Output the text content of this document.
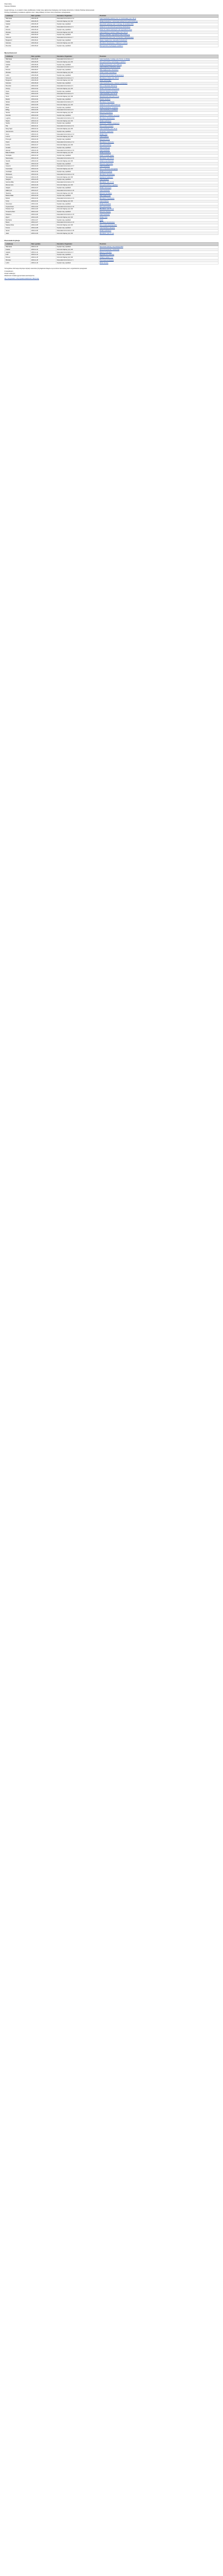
Dzień dobry,

Szanowni Państwo

Zespół informuje, że w ostatnim czasie opublikowane zostały nowe ogłoszenia przetargowe oraz licytacje komornicze z obszaru Państwa zainteresowań.

Poniżej przedstawiamy zestawienie ogłoszeń wraz z datą publikacji, terminem oraz przedmiotem postępowania.

Lokalizacja	Data / godzina	Kancelaria / Organizator	Przedmiot
Warszawa	2023-09-15	Kancelaria Komornicza nr 12	Lokal mieszkalny położony przy ul. Grochowskiej, pow. 48 m2
Kraków	2023-09-15	Komornik Sądowy przy SR	Działka budowlana z rozpoczętą budową domu jednorodzinnego
Gdańsk	2023-09-18	Syndyk masy upadłości	Samochód ciężarowy wraz z naczepą, rok produkcji 2016
Łódź	2023-09-18	Kancelaria Komornicza nr 4	Udział 1/2 w nieruchomości gruntowej zabudowanej
Poznań	2023-09-19	Syndyk masy upadłości	Prawa do znaków towarowych oraz wyposażenie biura
Wrocław	2023-09-20	Komornik Sądowy przy SR	Lokal użytkowy w centrum miasta, pow. 112 m2
Lublin	2023-09-20	Syndyk masy upadłości	Maszyny stolarskie i wyposażenie hali produkcyjnej
Szczecin	2023-09-21	Kancelaria Komornicza nr 7	Nieruchomość rolna o pow. 3,2 ha wraz z zabudowaniami
Bydgoszcz	2023-09-21	Syndyk masy upadłości	Zapasy magazynowe materiałów budowlanych
Katowice	2023-09-22	Komornik Sądowy przy SR	Mieszkanie dwupokojowe z balkonem i piwnicą
Rzeszów	2023-09-22	Syndyk masy upadłości	Wierzytelności przysługujące upadłemu
Nieruchomości
Lokalizacja	Data / godzina	Kancelaria / Organizator	Przedmiot
Warszawa	2023-09-25	Kancelaria Komornicza nr 2	Lokal mieszkalny, 3 pokoje, pow. 64 m2, ul. Wolska
Kraków	2023-09-25	Komornik Sądowy przy SR	Dom jednorodzinny wolnostojący z garażem
Gdańsk	2023-09-26	Syndyk masy upadłości	Działka inwestycyjna o pow. 1200 m2
Łódź	2023-09-26	Kancelaria Komornicza nr 9	Lokal użytkowy w kamienicy, parter
Poznań	2023-09-27	Syndyk masy upadłości	Hala magazynowa z biurowcem
Wrocław	2023-09-27	Komornik Sądowy przy SR	Udział w lokalu mieszkalnym
Lublin	2023-09-28	Syndyk masy upadłości	Nieruchomość gruntowa niezabudowana
Szczecin	2023-09-28	Kancelaria Komornicza nr 3	Mieszkanie w bloku, pow. 38 m2
Bydgoszcz	2023-09-29	Komornik Sądowy przy SR	Garaż wolnostojący
Katowice	2023-09-29	Syndyk masy upadłości	Lokal mieszkalny wraz z miejscem postojowym
Rzeszów	2023-10-02	Kancelaria Komornicza nr 1	Dom w zabudowie bliźniaczej
Olsztyn	2023-10-02	Komornik Sądowy przy SR	Działka rekreacyjna nad jeziorem
Opole	2023-10-03	Syndyk masy upadłości	Budynek usługowo-mieszkalny
Kielce	2023-10-03	Kancelaria Komornicza nr 5	Lokal mieszkalny, pow. 52 m2
Toruń	2023-10-04	Komornik Sądowy przy SR	Nieruchomość rolna, pow. 1,4 ha
Radom	2023-10-04	Syndyk masy upadłości	Pawilon handlowy
Gliwice	2023-10-05	Kancelaria Komornicza nr 6	Mieszkanie trzypokojowe
Zabrze	2023-10-05	Komornik Sądowy przy SR	Udział 1/4 w domu jednorodzinnym
Płock	2023-10-06	Syndyk masy upadłości	Działka budowlana z projektem
Elbląg	2023-10-06	Kancelaria Komornicza nr 8	Lokal mieszkalny na poddaszu
Tarnów	2023-10-09	Komornik Sądowy przy SR	Budynek gospodarczy
Koszalin	2023-10-09	Syndyk masy upadłości	Apartament z widokiem na morze
Legnica	2023-10-10	Kancelaria Komornicza nr 10	Mieszkanie dwupokojowe
Słupsk	2023-10-10	Komornik Sądowy przy SR	Działka siedliskowa
Siedlce	2023-10-11	Syndyk masy upadłości	Kamienica z lokalami usługowymi
Piła	2023-10-11	Kancelaria Komornicza nr 11	Dom w stanie surowym
Nowy Sącz	2023-10-12	Komornik Sądowy przy SR	Lokal mieszkalny, pow. 45 m2
Jelenia Góra	2023-10-12	Syndyk masy upadłości	Pensjonat z zapleczem
Konin	2023-10-13	Kancelaria Komornicza nr 13	Działka rolna
Leszno	2023-10-13	Komornik Sądowy przy SR	Lokal użytkowy
Przemyśl	2023-10-16	Syndyk masy upadłości	Budynek biurowy
Chełm	2023-10-16	Kancelaria Komornicza nr 14	Mieszkanie w kamienicy
Łomża	2023-10-17	Komornik Sądowy przy SR	Dom jednorodzinny
Suwałki	2023-10-17	Syndyk masy upadłości	Hala produkcyjna
Zamość	2023-10-18	Kancelaria Komornicza nr 15	Lokal mieszkalny
Biała Podlaska	2023-10-18	Komornik Sądowy przy SR	Działka budowlana
Ostrołęka	2023-10-19	Syndyk masy upadłości	Garaż w zespole garaży
Skierniewice	2023-10-19	Kancelaria Komornicza nr 16	Mieszkanie, pow. 58 m2
Sieradz	2023-10-20	Komornik Sądowy przy SR	Udział w nieruchomości
Kalisz	2023-10-20	Syndyk masy upadłości	Budynek magazynowy
Gniezno	2023-10-23	Kancelaria Komornicza nr 17	Lokal mieszkalny
Inowrocław	2023-10-23	Komornik Sądowy przy SR	Dom w zabudowie szeregowej
Grudziądz	2023-10-24	Syndyk masy upadłości	Działka przemysłowa
Włocławek	2023-10-24	Kancelaria Komornicza nr 18	Mieszkanie dwupokojowe
Świnoujście	2023-10-25	Komornik Sądowy przy SR	Apartament wakacyjny
Stargard	2023-10-25	Syndyk masy upadłości	Lokal handlowy
Gorzów Wlkp.	2023-10-26	Kancelaria Komornicza nr 19	Mieszkanie, pow. 41 m2
Zielona Góra	2023-10-26	Komornik Sądowy przy SR	Dom jednorodzinny z ogrodem
Głogów	2023-10-27	Syndyk masy upadłości	Działka rekreacyjna
Wałbrzych	2023-10-27	Kancelaria Komornicza nr 20	Lokal mieszkalny
Świdnica	2023-10-30	Komornik Sądowy przy SR	Budynek mieszkalny
Bielsko-Biała	2023-10-30	Syndyk masy upadłości	Hala magazynowa
Rybnik	2023-10-31	Kancelaria Komornicza nr 21	Mieszkanie trzypokojowe
Tychy	2023-10-31	Komornik Sądowy przy SR	Lokal użytkowy
Sosnowiec	2023-11-02	Syndyk masy upadłości	Działka budowlana
Częstochowa	2023-11-02	Kancelaria Komornicza nr 22	Dom jednorodzinny
Piotrków Tryb.	2023-11-03	Komornik Sądowy przy SR	Mieszkanie, pow. 55 m2
Tomaszów Maz.	2023-11-03	Syndyk masy upadłości	Budynek usługowy
Pabianice	2023-11-06	Kancelaria Komornicza nr 23	Lokal mieszkalny
Zgierz	2023-11-06	Komornik Sądowy przy SR	Działka rolna
Bełchatów	2023-11-07	Syndyk masy upadłości	Garaż
Mielec	2023-11-07	Kancelaria Komornicza nr 24	Mieszkanie dwupokojowe
Stalowa Wola	2023-11-08	Komornik Sądowy przy SR	Dom w stanie deweloperskim
Krosno	2023-11-08	Syndyk masy upadłości	Lokal handlowo-usługowy
Sanok	2023-11-09	Kancelaria Komornicza nr 25	Działka siedliskowa
Jasło	2023-11-09	Komornik Sądowy przy SR	Mieszkanie, pow. 47 m2
Pozostałe licytacje
Lokalizacja	Data / godzina	Kancelaria / Organizator	Przedmiot
Warszawa	2023-11-13	Syndyk masy upadłości	Samochód osobowy, rok produkcji 2019
Kraków	2023-11-13	Komornik Sądowy przy SR	Sprzęt komputerowy i elektronika
Gdańsk	2023-11-14	Kancelaria Komornicza nr 2	Maszyny budowlane
Łódź	2023-11-14	Syndyk masy upadłości	Wyposażenie restauracji
Poznań	2023-11-15	Komornik Sądowy przy SR	Udziały w spółce z o.o.
Wrocław	2023-11-15	Kancelaria Komornicza nr 4	Przyczepa kempingowa
Lublin	2023-11-16	Syndyk masy upadłości	Meble biurowe

Szczegółowe informacje dotyczące licytacji i warunków przystąpienia dostępne są na stronie internetowej oraz u organizatorów postępowań.

Z poważaniem,

Zespół redakcyjny

Wiadomość została wygenerowana automatycznie.

Aby zrezygnować z otrzymywania wiadomości, kliknij tutaj.
